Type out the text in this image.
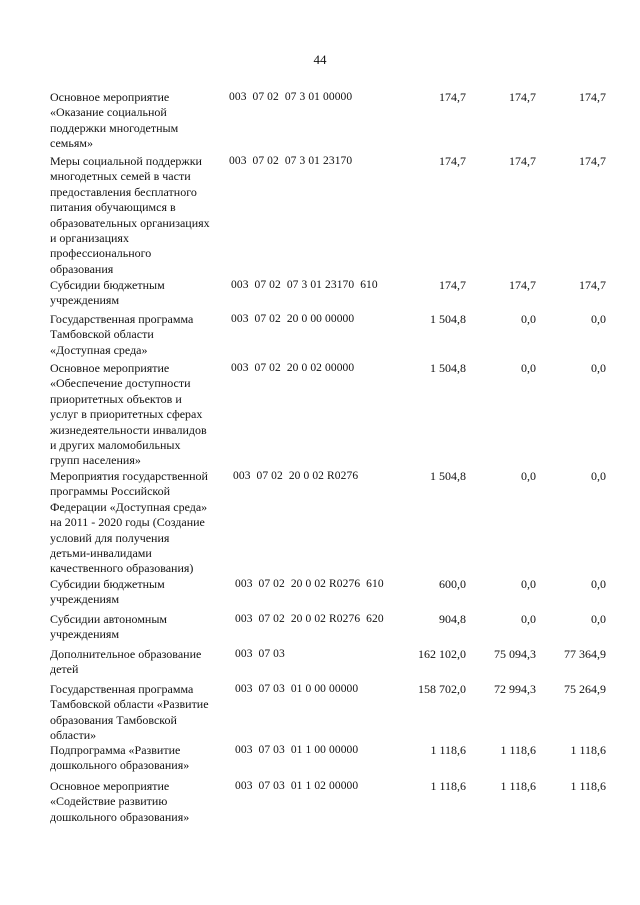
44
Основное мероприятие
«Оказание социальной
поддержки многодетным
семьям»
003  07 02  07 3 01 00000	174,7	174,7	174,7
Меры социальной поддержки
многодетных семей в части
предоставления бесплатного
питания обучающимся в
образовательных организациях
и организациях
профессионального
образования
003  07 02  07 3 01 23170	174,7	174,7	174,7
Субсидии бюджетным
учреждениям
003  07 02  07 3 01 23170  610	174,7	174,7	174,7
Государственная программа
Тамбовской области
«Доступная среда»
003  07 02  20 0 00 00000	1 504,8	0,0	0,0
Основное мероприятие
«Обеспечение доступности
приоритетных объектов и
услуг в приоритетных сферах
жизнедеятельности инвалидов
и других маломобильных
групп населения»
003  07 02  20 0 02 00000	1 504,8	0,0	0,0
Мероприятия государственной
программы Российской
Федерации «Доступная среда»
на 2011 - 2020 годы (Создание
условий для получения
детьми-инвалидами
качественного образования)
003  07 02  20 0 02 R0276	1 504,8	0,0	0,0
Субсидии бюджетным
учреждениям
003  07 02  20 0 02 R0276  610	600,0	0,0	0,0
Субсидии автономным
учреждениям
003  07 02  20 0 02 R0276  620	904,8	0,0	0,0
Дополнительное образование
детей
003  07 03	162 102,0	75 094,3	77 364,9
Государственная программа
Тамбовской области «Развитие
образования Тамбовской
области»
003  07 03  01 0 00 00000	158 702,0	72 994,3	75 264,9
Подпрограмма «Развитие
дошкольного образования»
003  07 03  01 1 00 00000	1 118,6	1 118,6	1 118,6
Основное мероприятие
«Содействие развитию
дошкольного образования»
003  07 03  01 1 02 00000	1 118,6	1 118,6	1 118,6
